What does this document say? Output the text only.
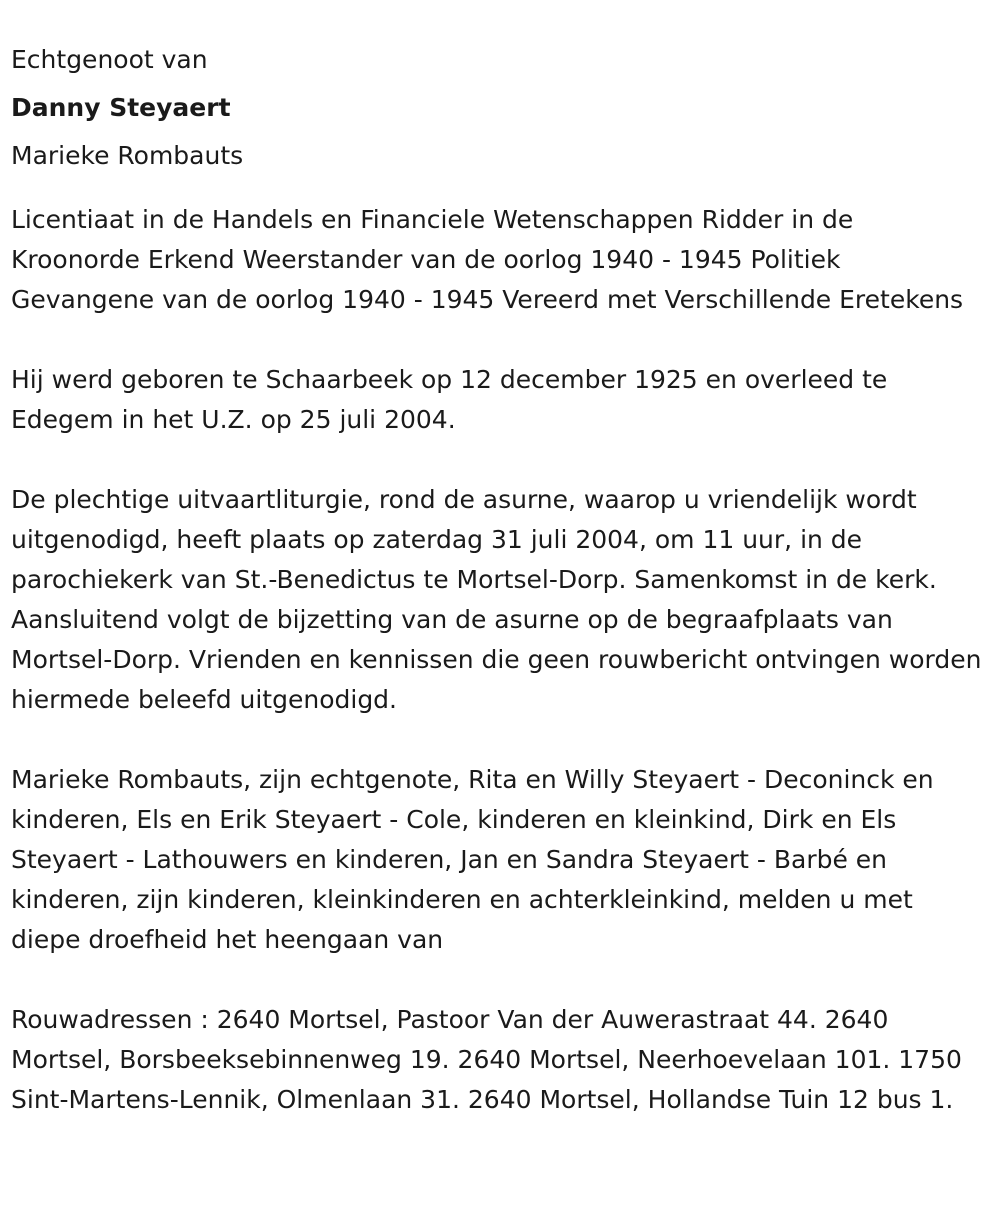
Echtgenoot van

Danny Steyaert

Marieke Rombauts

Licentiaat in de Handels en Financiele Wetenschappen Ridder in de Kroonorde Erkend Weerstander van de oorlog 1940 - 1945 Politiek Gevangene van de oorlog 1940 - 1945 Vereerd met Verschillende Eretekens

Hij werd geboren te Schaarbeek op 12 december 1925 en overleed te Edegem in het U.Z. op 25 juli 2004.

De plechtige uitvaartliturgie, rond de asurne, waarop u vriendelijk wordt uitgenodigd, heeft plaats op zaterdag 31 juli 2004, om 11 uur, in de parochiekerk van St.-Benedictus te Mortsel-Dorp. Samenkomst in de kerk. Aansluitend volgt de bijzetting van de asurne op de begraafplaats van Mortsel-Dorp. Vrienden en kennissen die geen rouwbericht ontvingen worden hiermede beleefd uitgenodigd.

Marieke Rombauts, zijn echtgenote, Rita en Willy Steyaert - Deconinck en kinderen, Els en Erik Steyaert - Cole, kinderen en kleinkind, Dirk en Els Steyaert - Lathouwers en kinderen, Jan en Sandra Steyaert - Barbé en kinderen, zijn kinderen, kleinkinderen en achterkleinkind, melden u met diepe droefheid het heengaan van

Rouwadressen : 2640 Mortsel, Pastoor Van der Auwerastraat 44. 2640 Mortsel, Borsbeeksebinnenweg 19. 2640 Mortsel, Neerhoevelaan 101. 1750 Sint-Martens-Lennik, Olmenlaan 31. 2640 Mortsel, Hollandse Tuin 12 bus 1.
